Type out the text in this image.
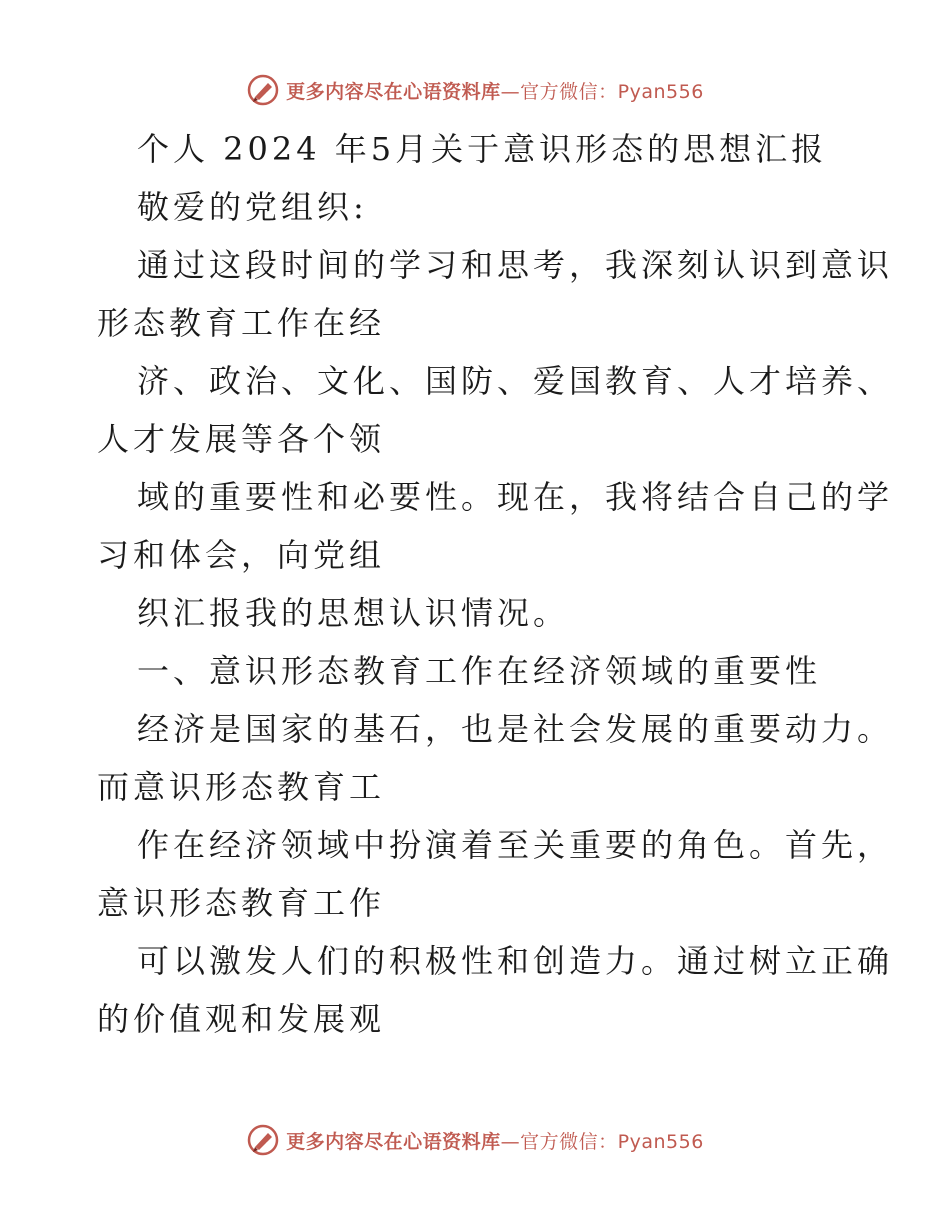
更多内容尽在心语资料库—官方微信：Pyan556
个人 2024 年5月关于意识形态的思想汇报
敬爱的党组织:
通过这段时间的学习和思考，我深刻认识到意识
形态教育工作在经
济、政治、文化、国防、爱国教育、人才培养、
人才发展等各个领
域的重要性和必要性。现在，我将结合自己的学
习和体会，向党组
织汇报我的思想认识情况。
一、意识形态教育工作在经济领域的重要性
经济是国家的基石，也是社会发展的重要动力。
而意识形态教育工
作在经济领域中扮演着至关重要的角色。首先，
意识形态教育工作
可以激发人们的积极性和创造力。通过树立正确
的价值观和发展观
更多内容尽在心语资料库—官方微信：Pyan556
